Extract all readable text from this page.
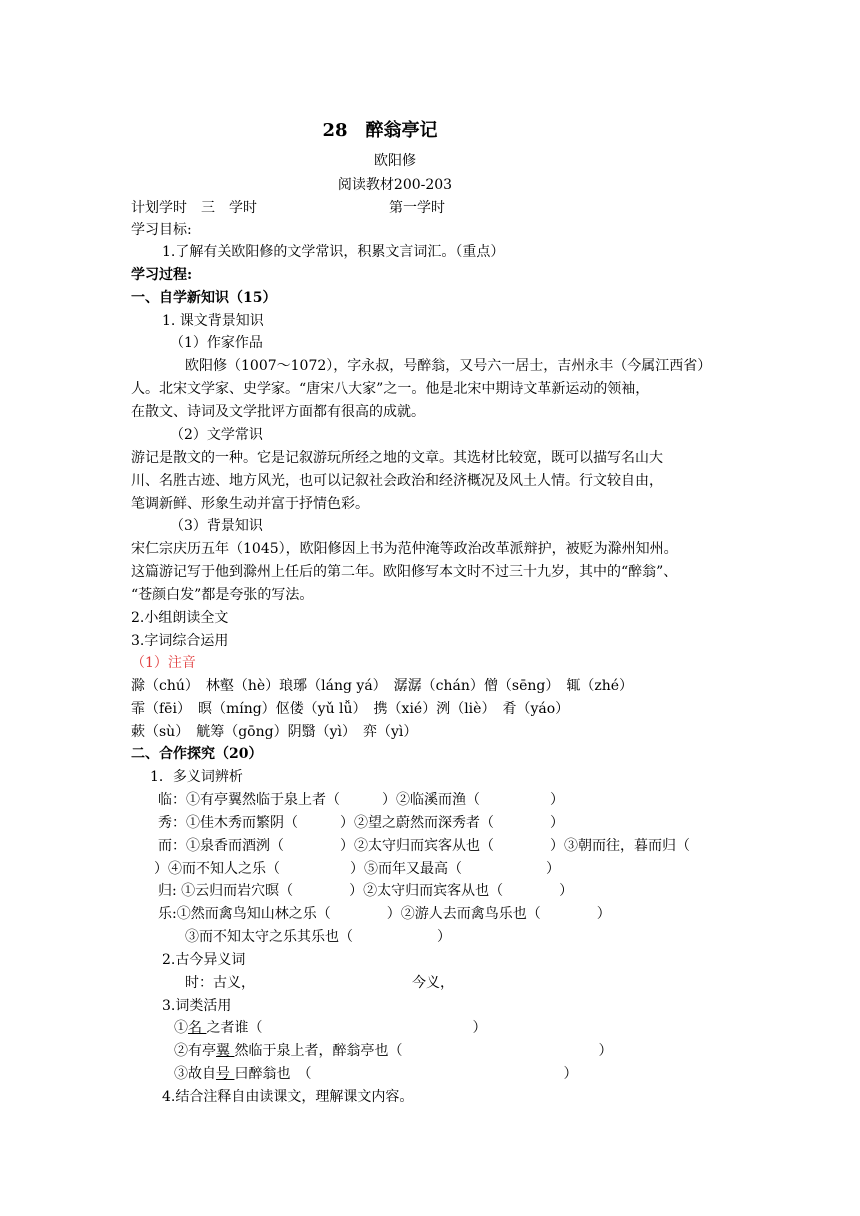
28　醉翁亭记
欧阳修
阅读教材200-203
计划学时　三　学时	第一学时
学习目标:
1.了解有关欧阳修的文学常识，积累文言词汇。（重点）
学习过程:
一、自学新知识（15）
1. 课文背景知识
（1）作家作品
欧阳修（1007～1072），字永叔，号醉翁，又号六一居士，吉州永丰（今属江西省）
人。北宋文学家、史学家。“唐宋八大家”之一。他是北宋中期诗文革新运动的领袖，
在散文、诗词及文学批评方面都有很高的成就。
（2）文学常识
游记是散文的一种。它是记叙游玩所经之地的文章。其选材比较宽，既可以描写名山大
川、名胜古迹、地方风光，也可以记叙社会政治和经济概况及风土人情。行文较自由，
笔调新鲜、形象生动并富于抒情色彩。
（3）背景知识
宋仁宗庆历五年（1045），欧阳修因上书为范仲淹等政治改革派辩护，被贬为滁州知州。
这篇游记写于他到滁州上任后的第二年。欧阳修写本文时不过三十九岁，其中的“醉翁”、
“苍颜白发”都是夸张的写法。
2.小组朗读全文
3.字词综合运用
（1）注音
滁（chú）　林壑（hè）琅琊（láng yá）　潺潺（chán）僧（sēng）　辄（zhé）
霏（fēi）　暝（míng）伛偻（yǔ lǚ）　携（xié）洌（liè）　肴（yáo）
蔌（sù）　觥筹（gōng）阴翳（yì）　弈（yì）
二、合作探究（20）
1．多义词辨析
临：①有亭翼然临于泉上者（　　　）②临溪而渔（　　　　　）
秀：①佳木秀而繁阴（　　　）②望之蔚然而深秀者（　　　　）
而：①泉香而酒洌（　　　　）②太守归而宾客从也（　　　　）③朝而往，暮而归（
）④而不知人之乐（　　　　　）⑤而年又最高（　　　　　　）
归: ①云归而岩穴暝（　　　　）②太守归而宾客从也（　　　　）
乐:①然而禽鸟知山林之乐（　　　　）②游人去而禽鸟乐也（　　　　）
③而不知太守之乐其乐也（　　　　　　）
2.古今异义词
时：古义，	今义，
3.词类活用
①名 之者谁（　　　　　　　　　　　　　　　）
②有亭翼 然临于泉上者，醉翁亭也（　　　　　　　　　　　　　　）
③故自号 曰醉翁也　（　　　　　　　　　　　　　　　　　　）
4.结合注释自由读课文，理解课文内容。
